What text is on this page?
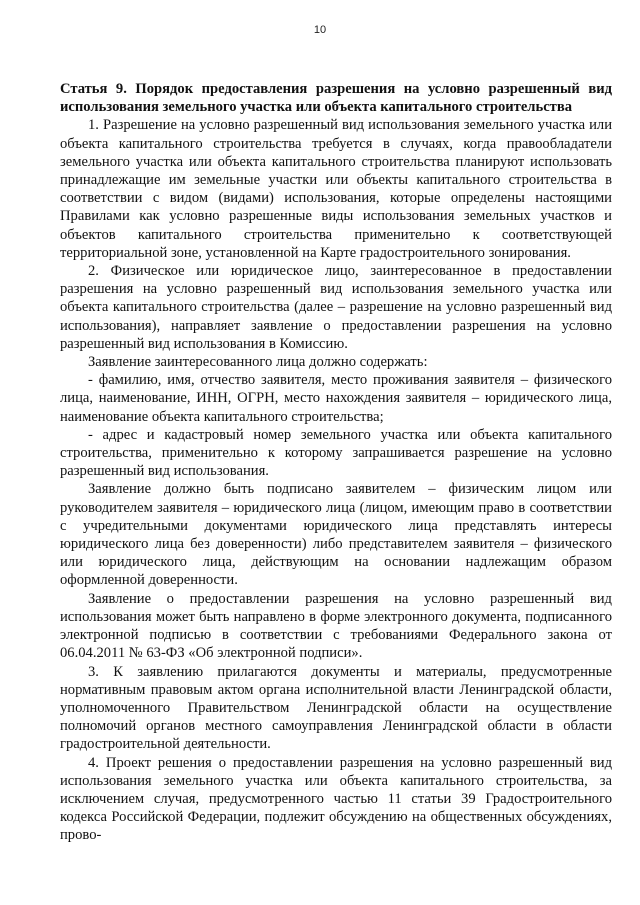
10

Статья 9. Порядок предоставления разрешения на условно разрешенный вид использования земельного участка или объекта капитального строительства

1. Разрешение на условно разрешенный вид использования земельного участка или объекта капитального строительства требуется в случаях, когда правообладатели земельного участка или объекта капитального строительства планируют использовать принадлежащие им земельные участки или объекты капитального строительства в соответствии с видом (видами) использования, которые определены настоящими Правилами как условно разрешенные виды использования земельных участков и объектов капитального строительства применительно к соответствующей территориальной зоне, установленной на Карте градостроительного зонирования.

2. Физическое или юридическое лицо, заинтересованное в предоставлении разрешения на условно разрешенный вид использования земельного участка или объекта капитального строительства (далее – разрешение на условно разрешенный вид использования), направляет заявление о предоставлении разрешения на условно разрешенный вид использования в Комиссию.

Заявление заинтересованного лица должно содержать:

- фамилию, имя, отчество заявителя, место проживания заявителя – физического лица, наименование, ИНН, ОГРН, место нахождения заявителя – юридического лица, наименование объекта капитального строительства;

- адрес и кадастровый номер земельного участка или объекта капитального строительства, применительно к которому запрашивается разрешение на условно разрешенный вид использования.

Заявление должно быть подписано заявителем – физическим лицом или руководителем заявителя – юридического лица (лицом, имеющим право в соответствии с учредительными документами юридического лица представлять интересы юридического лица без доверенности) либо представителем заявителя – физического или юридического лица, действующим на основании надлежащим образом оформленной доверенности.

Заявление о предоставлении разрешения на условно разрешенный вид использования может быть направлено в форме электронного документа, подписанного электронной подписью в соответствии с требованиями Федерального закона от 06.04.2011 № 63-ФЗ «Об электронной подписи».

3. К заявлению прилагаются документы и материалы, предусмотренные нормативным правовым актом органа исполнительной власти Ленинградской области, уполномоченного Правительством Ленинградской области на осуществление полномочий органов местного самоуправления Ленинградской области в области градостроительной деятельности.

4. Проект решения о предоставлении разрешения на условно разрешенный вид использования земельного участка или объекта капитального строительства, за исключением случая, предусмотренного частью 11 статьи 39 Градостроительного кодекса Российской Федерации, подлежит обсуждению на общественных обсуждениях, прово-
